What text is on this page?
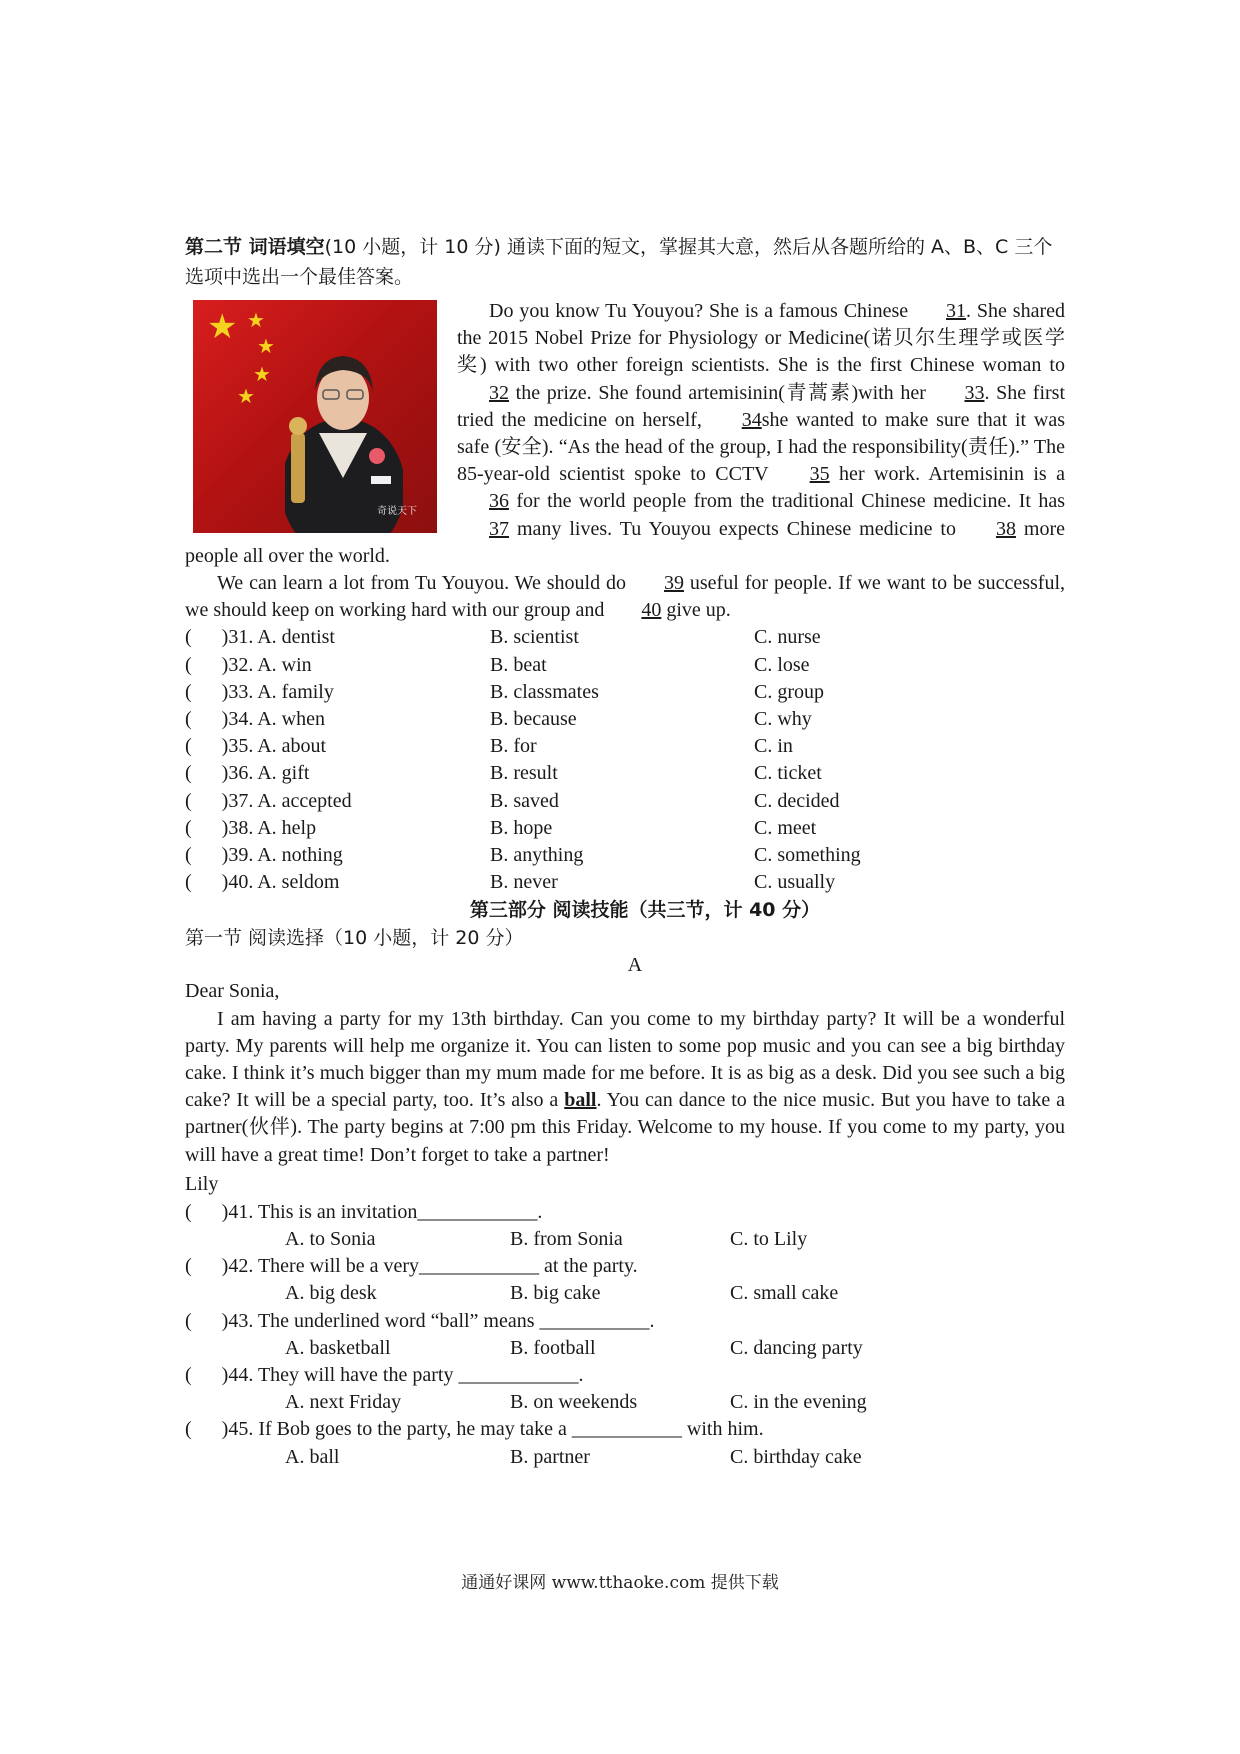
第二节 词语填空(10 小题，计 10 分) 通读下面的短文，掌握其大意，然后从各题所给的 A、B、C 三个选项中选出一个最佳答案。

★ ★
★
★
★
奇说天下

Do you know Tu Youyou? She is a famous Chinese 31. She shared the 2015 Nobel Prize for Physiology or Medicine(诺贝尔生理学或医学奖) with two other foreign scientists. She is the first Chinese woman to 32 the prize. She found artemisinin(青蒿素)with her 33. She first tried the medicine on herself, 34she wanted to make sure that it was safe (安全). “As the head of the group, I had the responsibility(责任).” The 85-year-old scientist spoke to CCTV 35 her work. Artemisinin is a 36 for the world people from the traditional Chinese medicine. It has 37 many lives. Tu Youyou expects Chinese medicine to 38 more people all over the world.

We can learn a lot from Tu Youyou. We should do 39 useful for people. If we want to be successful, we should keep on working hard with our group and 40 give up.

(      )31. A. dentist	B. scientist	C. nurse
(      )32. A. win	B. beat	C. lose
(      )33. A. family	B. classmates	C. group
(      )34. A. when	B. because	C. why
(      )35. A. about	B. for	C. in
(      )36. A. gift	B. result	C. ticket
(      )37. A. accepted	B. saved	C. decided
(      )38. A. help	B. hope	C. meet
(      )39. A. nothing	B. anything	C. something
(      )40. A. seldom	B. never	C. usually
第三部分 阅读技能（共三节，计 40 分）
第一节 阅读选择（10 小题，计 20 分）
A

Dear Sonia,

I am having a party for my 13th birthday. Can you come to my birthday party? It will be a wonderful party. My parents will help me organize it. You can listen to some pop music and you can see a big birthday cake. I think it’s much bigger than my mum made for me before. It is as big as a desk. Did you see such a big cake? It will be a special party, too. It’s also a ball. You can dance to the nice music. But you have to take a partner(伙伴). The party begins at 7:00 pm this Friday. Welcome to my house. If you come to my party, you will have a great time! Don’t forget to take a partner!

Lily

(      )41. This is an invitation____________.
A. to Sonia	B. from Sonia	C. to Lily
(      )42. There will be a very____________ at the party.
A. big desk	B. big cake	C. small cake
(      )43. The underlined word “ball” means ___________.
A. basketball	B. football	C. dancing party
(      )44. They will have the party ____________.
A. next Friday	B. on weekends	C. in the evening
(      )45. If Bob goes to the party, he may take a ___________ with him.
A. ball	B. partner	C. birthday cake
通通好课网 www.tthaoke.com 提供下载
